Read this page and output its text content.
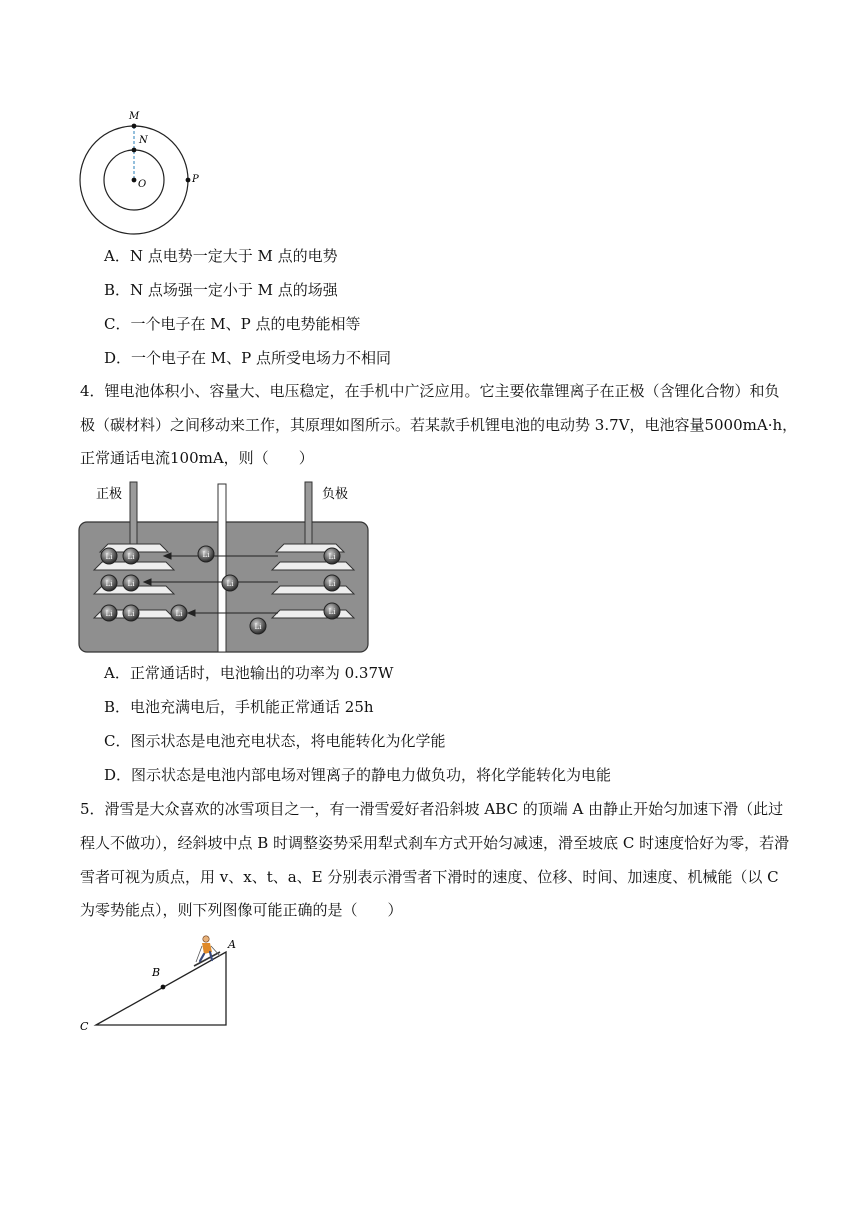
M
N
O	P
A．N 点电势一定大于 M 点的电势
B．N 点场强一定小于 M 点的场强
C．一个电子在 M、P 点的电势能相等
D．一个电子在 M、P 点所受电场力不相同
4．锂电池体积小、容量大、电压稳定，在手机中广泛应用。它主要依靠锂离子在正极（含锂化合物）和负
极（碳材料）之间移动来工作，其原理如图所示。若某款手机锂电池的电动势 3.7V，电池容量5000mA·h，
正常通话电流100mA，则（　　）
正极	负极
Li Li
Li Li
Li Li	Li
Li
Li
Li
Li
Li
Li
A．正常通话时，电池输出的功率为 0.37W
B．电池充满电后，手机能正常通话 25h
C．图示状态是电池充电状态，将电能转化为化学能
D．图示状态是电池内部电场对锂离子的静电力做负功，将化学能转化为电能
5．滑雪是大众喜欢的冰雪项目之一，有一滑雪爱好者沿斜坡 ABC 的顶端 A 由静止开始匀加速下滑（此过
程人不做功），经斜坡中点 B 时调整姿势采用犁式刹车方式开始匀减速，滑至坡底 C 时速度恰好为零，若滑
雪者可视为质点，用 v、x、t、a、E 分别表示滑雪者下滑时的速度、位移、时间、加速度、机械能（以 C
为零势能点），则下列图像可能正确的是（　　）
A
B
C
